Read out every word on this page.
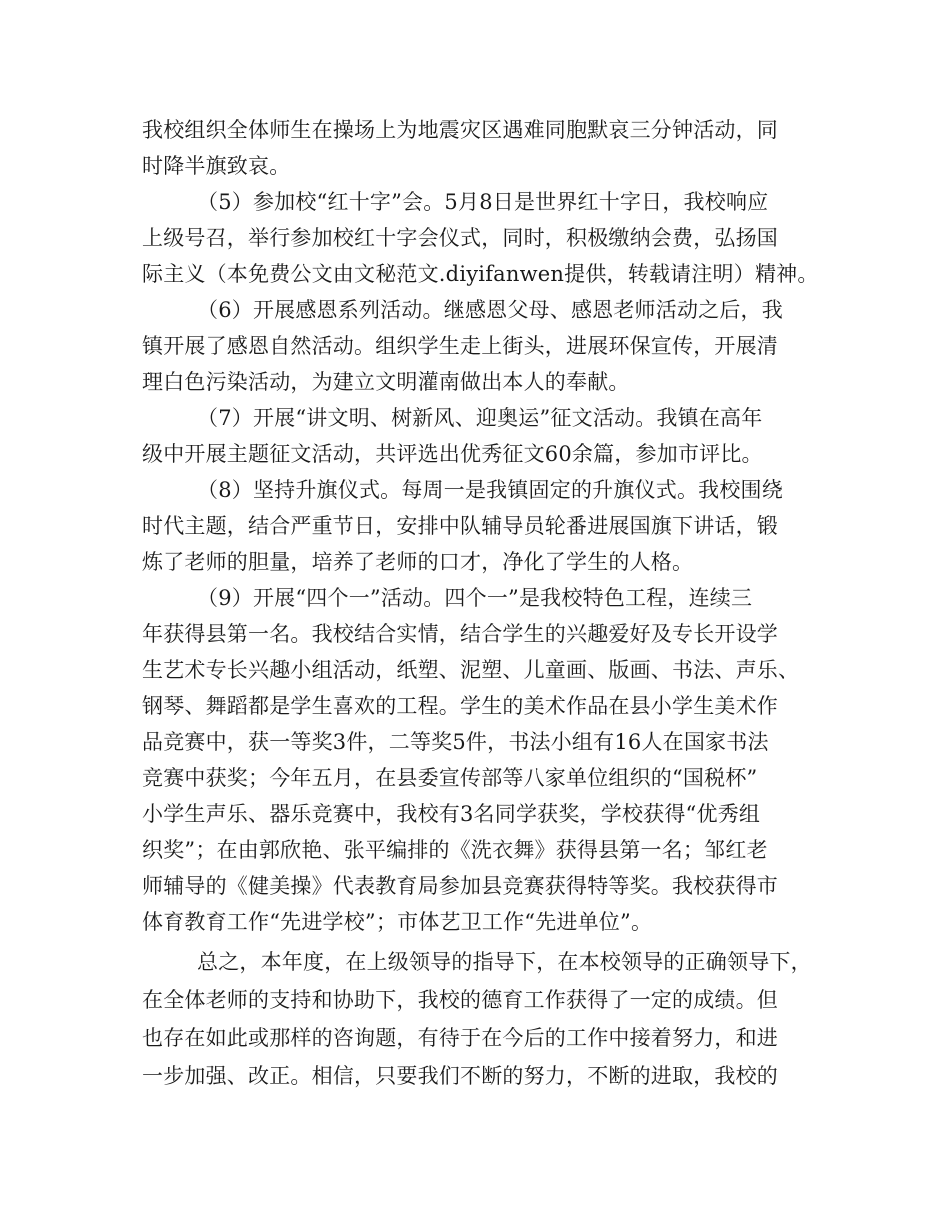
我校组织全体师生在操场上为地震灾区遇难同胞默哀三分钟活动，同
时降半旗致哀。
（5）参加校“红十字”会。5月8日是世界红十字日，我校响应
上级号召，举行参加校红十字会仪式，同时，积极缴纳会费，弘扬国
际主义（本免费公文由文秘范文.diyifanwen提供，转载请注明）精神。
（6）开展感恩系列活动。继感恩父母、感恩老师活动之后，我
镇开展了感恩自然活动。组织学生走上街头，进展环保宣传，开展清
理白色污染活动，为建立文明灌南做出本人的奉献。
（7）开展“讲文明、树新风、迎奥运”征文活动。我镇在高年
级中开展主题征文活动，共评选出优秀征文60余篇，参加市评比。
（8）坚持升旗仪式。每周一是我镇固定的升旗仪式。我校围绕
时代主题，结合严重节日，安排中队辅导员轮番进展国旗下讲话，锻
炼了老师的胆量，培养了老师的口才，净化了学生的人格。
（9）开展“四个一”活动。四个一”是我校特色工程，连续三
年获得县第一名。我校结合实情，结合学生的兴趣爱好及专长开设学
生艺术专长兴趣小组活动，纸塑、泥塑、儿童画、版画、书法、声乐、
钢琴、舞蹈都是学生喜欢的工程。学生的美术作品在县小学生美术作
品竞赛中，获一等奖3件，二等奖5件，书法小组有16人在国家书法
竞赛中获奖；今年五月，在县委宣传部等八家单位组织的“国税杯”
小学生声乐、器乐竞赛中，我校有3名同学获奖，学校获得“优秀组
织奖”；在由郭欣艳、张平编排的《洗衣舞》获得县第一名；邹红老
师辅导的《健美操》代表教育局参加县竞赛获得特等奖。我校获得市
体育教育工作“先进学校”；市体艺卫工作“先进单位”。
总之，本年度，在上级领导的指导下，在本校领导的正确领导下，
在全体老师的支持和协助下，我校的德育工作获得了一定的成绩。但
也存在如此或那样的咨询题，有待于在今后的工作中接着努力，和进
一步加强、改正。相信，只要我们不断的努力，不断的进取，我校的
